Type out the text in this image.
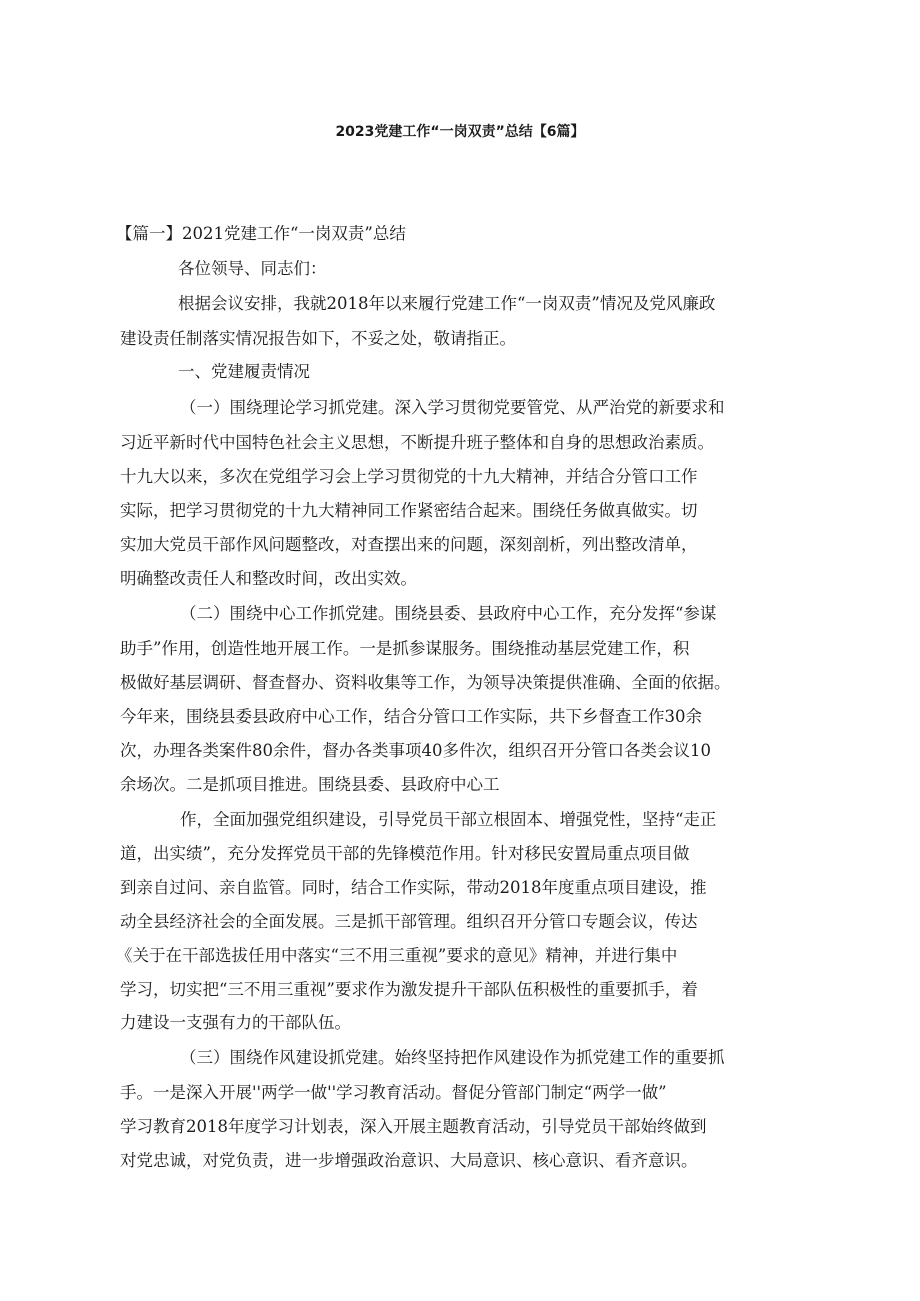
2023党建工作“一岗双责”总结【6篇】
【篇一】2021党建工作“一岗双责”总结
各位领导、同志们：
根据会议安排，我就2018年以来履行党建工作“一岗双责”情况及党风廉政
建设责任制落实情况报告如下，不妥之处，敬请指正。
一、党建履责情况
（一）围绕理论学习抓党建。深入学习贯彻党要管党、从严治党的新要求和
习近平新时代中国特色社会主义思想，不断提升班子整体和自身的思想政治素质。
十九大以来，多次在党组学习会上学习贯彻党的十九大精神，并结合分管口工作
实际，把学习贯彻党的十九大精神同工作紧密结合起来。围绕任务做真做实。切
实加大党员干部作风问题整改，对查摆出来的问题，深刻剖析，列出整改清单，
明确整改责任人和整改时间，改出实效。
（二）围绕中心工作抓党建。围绕县委、县政府中心工作，充分发挥“参谋
助手”作用，创造性地开展工作。一是抓参谋服务。围绕推动基层党建工作，积
极做好基层调研、督查督办、资料收集等工作，为领导决策提供准确、全面的依据。
今年来，围绕县委县政府中心工作，结合分管口工作实际，共下乡督查工作30余
次，办理各类案件80余件，督办各类事项40多件次，组织召开分管口各类会议10
余场次。二是抓项目推进。围绕县委、县政府中心工
作，全面加强党组织建设，引导党员干部立根固本、增强党性，坚持“走正
道，出实绩”，充分发挥党员干部的先锋模范作用。针对移民安置局重点项目做
到亲自过问、亲自监管。同时，结合工作实际，带动2018年度重点项目建设，推
动全县经济社会的全面发展。三是抓干部管理。组织召开分管口专题会议，传达
《关于在干部选拔任用中落实“三不用三重视”要求的意见》精神，并进行集中
学习，切实把“三不用三重视”要求作为激发提升干部队伍积极性的重要抓手，着
力建设一支强有力的干部队伍。
（三）围绕作风建设抓党建。始终坚持把作风建设作为抓党建工作的重要抓
手。一是深入开展''两学一做''学习教育活动。督促分管部门制定“两学一做”
学习教育2018年度学习计划表，深入开展主题教育活动，引导党员干部始终做到
对党忠诚，对党负责，进一步增强政治意识、大局意识、核心意识、看齐意识。
